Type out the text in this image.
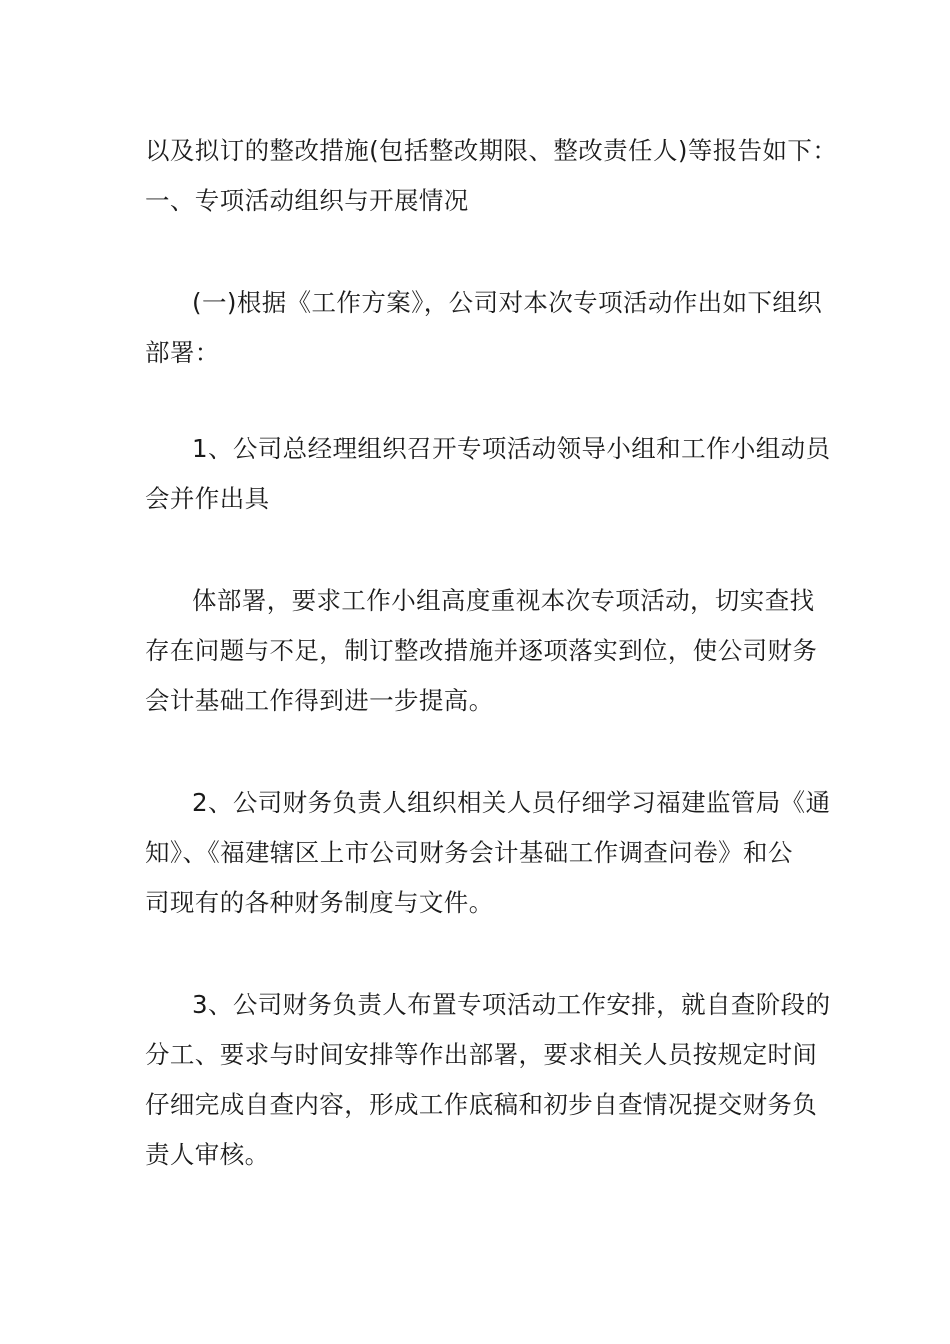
以及拟订的整改措施(包括整改期限、整改责任人)等报告如下：
一、专项活动组织与开展情况
(一)根据《工作方案》，公司对本次专项活动作出如下组织
部署：
1、公司总经理组织召开专项活动领导小组和工作小组动员
会并作出具
体部署，要求工作小组高度重视本次专项活动，切实查找
存在问题与不足，制订整改措施并逐项落实到位，使公司财务
会计基础工作得到进一步提高。
2、公司财务负责人组织相关人员仔细学习福建监管局《通
知》、《福建辖区上市公司财务会计基础工作调查问卷》和公
司现有的各种财务制度与文件。
3、公司财务负责人布置专项活动工作安排，就自查阶段的
分工、要求与时间安排等作出部署，要求相关人员按规定时间
仔细完成自查内容，形成工作底稿和初步自查情况提交财务负
责人审核。
